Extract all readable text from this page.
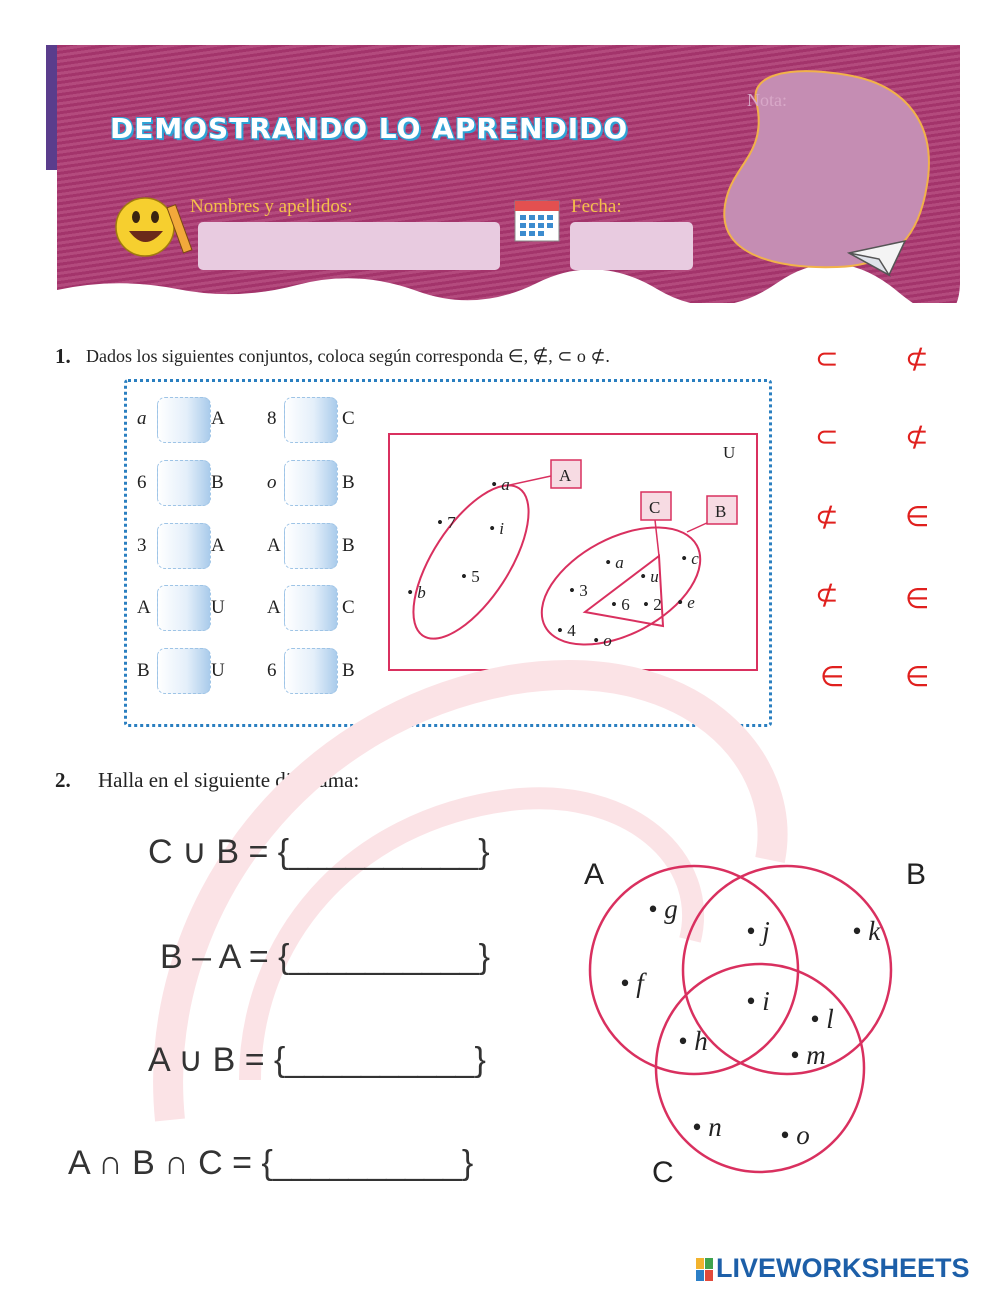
DEMOSTRANDO LO APRENDIDO
Nombres y apellidos:	Fecha:
Nota:
1. Dados los siguientes conjuntos, coloca según corresponda ∈, ∉, ⊂ o ⊄.
a	A 8	C
6	B o	B
3	A A	B
A	U A	C
B	U 6	B
U
A
• a
• i
• 7
• 5
• b
B
C
• a
• u
• c
• 3
• 6 • 2 • e
• 4
• o
⊂ ⊄
⊂ ⊄
⊄ ∈
⊄ ∈
∈ ∈
2. Halla en el siguiente diagrama:
C ∪ B = {__________}
B – A = {__________}
A ∪ B = {__________}
A ∩ B ∩ C = {__________}
A	B
C
• g
• j	• k
• f
• i
• l
• h	• m
• n • o
LIVEWORKSHEETS
